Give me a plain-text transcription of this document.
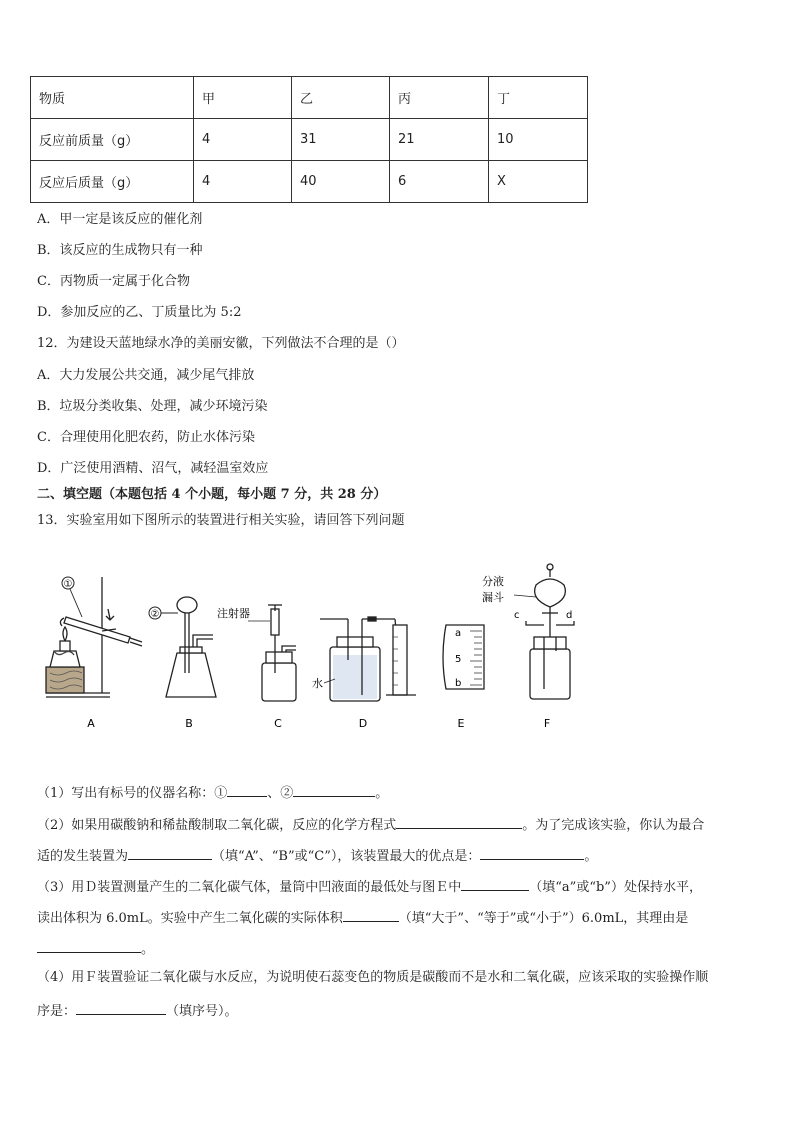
物质	甲	乙	丙	丁
反应前质量（g）	4	31	21	10
反应后质量（g）	4	40	6	X
A．甲一定是该反应的催化剂
B．该反应的生成物只有一种
C．丙物质一定属于化合物
D．参加反应的乙、丁质量比为 5:2
12．为建设天蓝地绿水净的美丽安徽，下列做法不合理的是（）
A．大力发展公共交通，减少尾气排放
B．垃圾分类收集、处理，减少环境污染
C．合理使用化肥农药，防止水体污染
D．广泛使用酒精、沼气，减轻温室效应
二、填空题（本题包括 4 个小题，每小题 7 分，共 28 分）
13．实验室用如下图所示的装置进行相关实验，请回答下列问题
①
②	注射器
分液
漏斗
水
a
5
b
c	d
A	B	C	D	E	F
（1）写出有标号的仪器名称：①	、②	。
（2）如果用碳酸钠和稀盐酸制取二氧化碳，反应的化学方程式	。为了完成该实验，你认为最合
适的发生装置为	（填“A”、“B”或“C”），该装置最大的优点是：	。
（3）用Ｄ装置测量产生的二氧化碳气体，量筒中凹液面的最低处与图Ｅ中	（填“a”或“b”）处保持水平，
读出体积为 6.0mL。实验中产生二氧化碳的实际体积	（填“大于”、“等于”或“小于”）6.0mL，其理由是
。
（4）用Ｆ装置验证二氧化碳与水反应，为说明使石蕊变色的物质是碳酸而不是水和二氧化碳，应该采取的实验操作顺
序是：	（填序号）。
